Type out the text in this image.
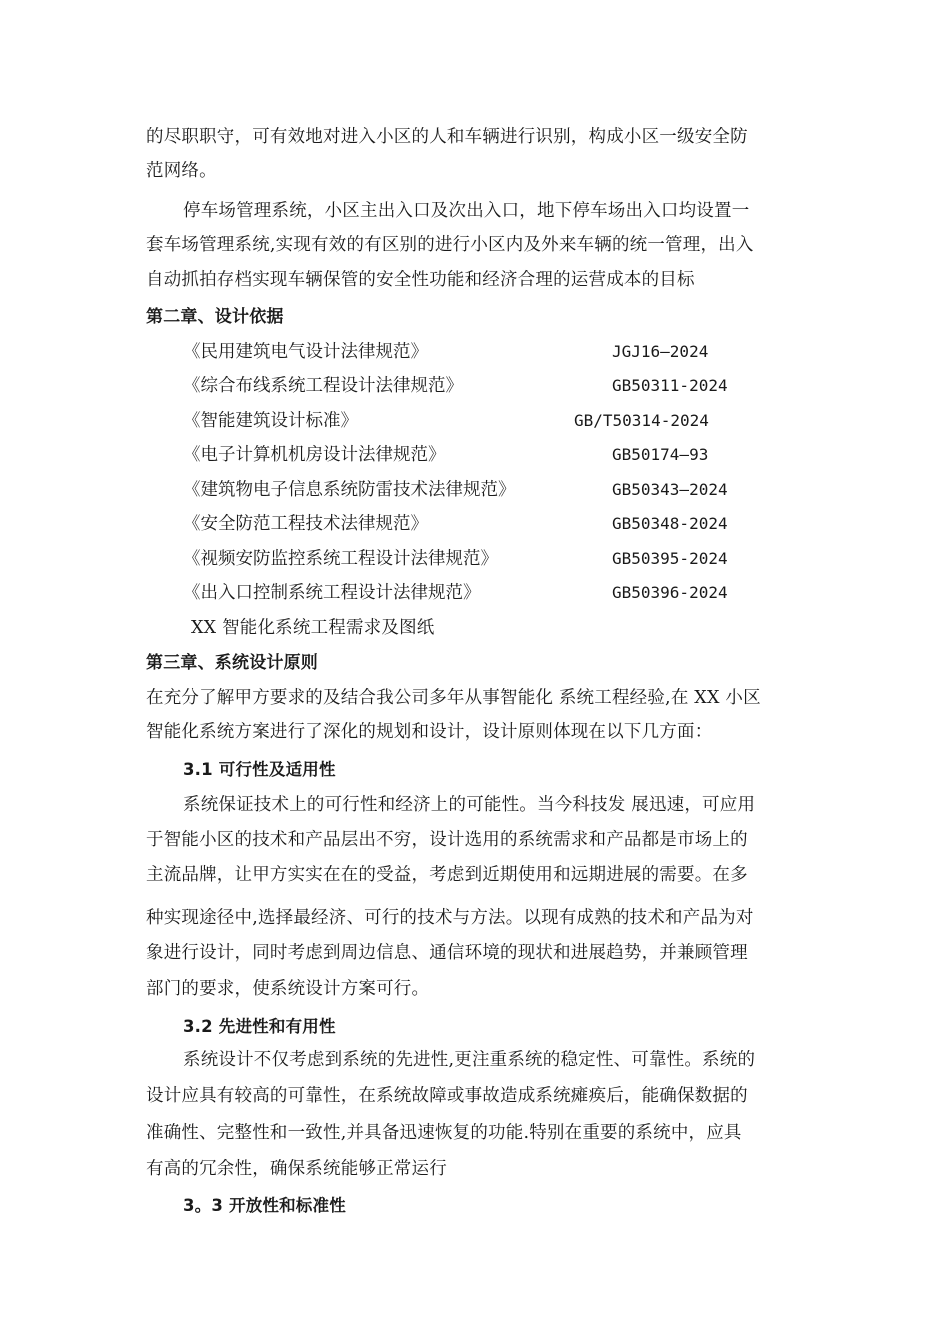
的尽职职守，可有效地对进入小区的人和车辆进行识别，构成小区一级安全防
范网络。
停车场管理系统，小区主出入口及次出入口，地下停车场出入口均设置一
套车场管理系统,实现有效的有区别的进行小区内及外来车辆的统一管理，出入
自动抓拍存档实现车辆保管的安全性功能和经济合理的运营成本的目标
第二章、设计依据
《民用建筑电气设计法律规范》	JGJ16—2024
《综合布线系统工程设计法律规范》	GB50311-2024
《智能建筑设计标准》	GB/T50314-2024
《电子计算机机房设计法律规范》	GB50174—93
《建筑物电子信息系统防雷技术法律规范》	GB50343—2024
《安全防范工程技术法律规范》	GB50348-2024
《视频安防监控系统工程设计法律规范》	GB50395-2024
《出入口控制系统工程设计法律规范》	GB50396-2024
XX 智能化系统工程需求及图纸
第三章、系统设计原则
在充分了解甲方要求的及结合我公司多年从事智能化 系统工程经验,在 XX 小区
智能化系统方案进行了深化的规划和设计，设计原则体现在以下几方面：
3.1 可行性及适用性
系统保证技术上的可行性和经济上的可能性。当今科技发 展迅速，可应用
于智能小区的技术和产品层出不穷，设计选用的系统需求和产品都是市场上的
主流品牌，让甲方实实在在的受益，考虑到近期使用和远期进展的需要。在多
种实现途径中,选择最经济、可行的技术与方法。以现有成熟的技术和产品为对
象进行设计，同时考虑到周边信息、通信环境的现状和进展趋势，并兼顾管理
部门的要求，使系统设计方案可行。
3.2 先进性和有用性
系统设计不仅考虑到系统的先进性,更注重系统的稳定性、可靠性。系统的
设计应具有较高的可靠性，在系统故障或事故造成系统瘫痪后，能确保数据的
准确性、完整性和一致性,并具备迅速恢复的功能.特别在重要的系统中，应具
有高的冗余性，确保系统能够正常运行
3。3 开放性和标准性
